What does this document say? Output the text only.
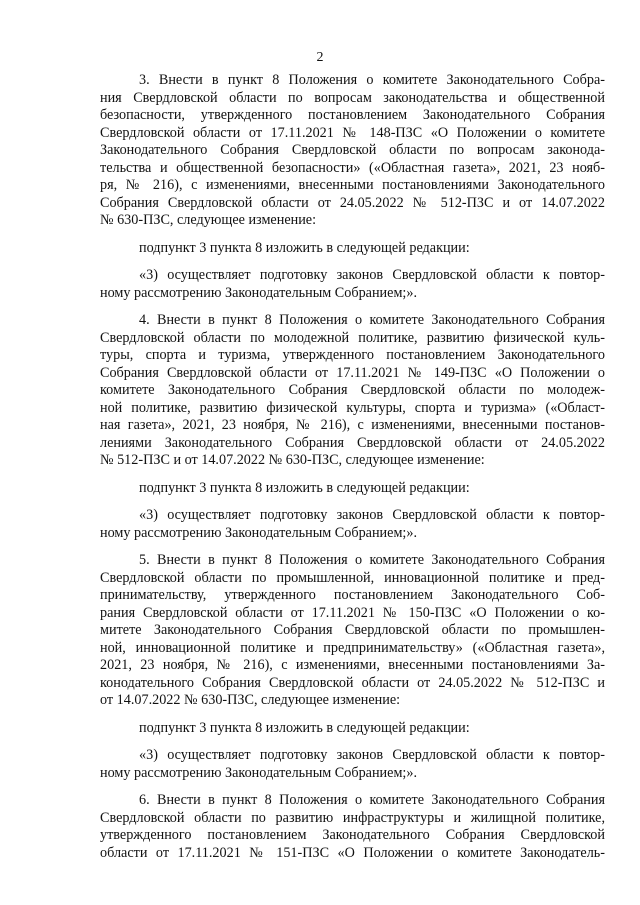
2
3. Внести в пункт 8 Положения о комитете Законодательного Собра-
ния Свердловской области по вопросам законодательства и общественной
безопасности, утвержденного постановлением Законодательного Собрания
Свердловской области от 17.11.2021 № 148-ПЗС «О Положении о комитете
Законодательного Собрания Свердловской области по вопросам законода-
тельства и общественной безопасности» («Областная газета», 2021, 23 нояб-
ря, № 216), с изменениями, внесенными постановлениями Законодательного
Собрания Свердловской области от 24.05.2022 № 512-ПЗС и от 14.07.2022
№ 630-ПЗС, следующее изменение:
подпункт 3 пункта 8 изложить в следующей редакции:
«3) осуществляет подготовку законов Свердловской области к повтор-
ному рассмотрению Законодательным Собранием;».
4. Внести в пункт 8 Положения о комитете Законодательного Собрания
Свердловской области по молодежной политике, развитию физической куль-
туры, спорта и туризма, утвержденного постановлением Законодательного
Собрания Свердловской области от 17.11.2021 № 149-ПЗС «О Положении о
комитете Законодательного Собрания Свердловской области по молодеж-
ной политике, развитию физической культуры, спорта и туризма» («Област-
ная газета», 2021, 23 ноября, № 216), с изменениями, внесенными постанов-
лениями Законодательного Собрания Свердловской области от 24.05.2022
№ 512-ПЗС и от 14.07.2022 № 630-ПЗС, следующее изменение:
подпункт 3 пункта 8 изложить в следующей редакции:
«3) осуществляет подготовку законов Свердловской области к повтор-
ному рассмотрению Законодательным Собранием;».
5. Внести в пункт 8 Положения о комитете Законодательного Собрания
Свердловской области по промышленной, инновационной политике и пред-
принимательству, утвержденного постановлением Законодательного Соб-
рания Свердловской области от 17.11.2021 № 150-ПЗС «О Положении о ко-
митете Законодательного Собрания Свердловской области по промышлен-
ной, инновационной политике и предпринимательству» («Областная газета»,
2021, 23 ноября, № 216), с изменениями, внесенными постановлениями За-
конодательного Собрания Свердловской области от 24.05.2022 № 512-ПЗС и
от 14.07.2022 № 630-ПЗС, следующее изменение:
подпункт 3 пункта 8 изложить в следующей редакции:
«3) осуществляет подготовку законов Свердловской области к повтор-
ному рассмотрению Законодательным Собранием;».
6. Внести в пункт 8 Положения о комитете Законодательного Собрания
Свердловской области по развитию инфраструктуры и жилищной политике,
утвержденного постановлением Законодательного Собрания Свердловской
области от 17.11.2021 № 151-ПЗС «О Положении о комитете Законодатель-
